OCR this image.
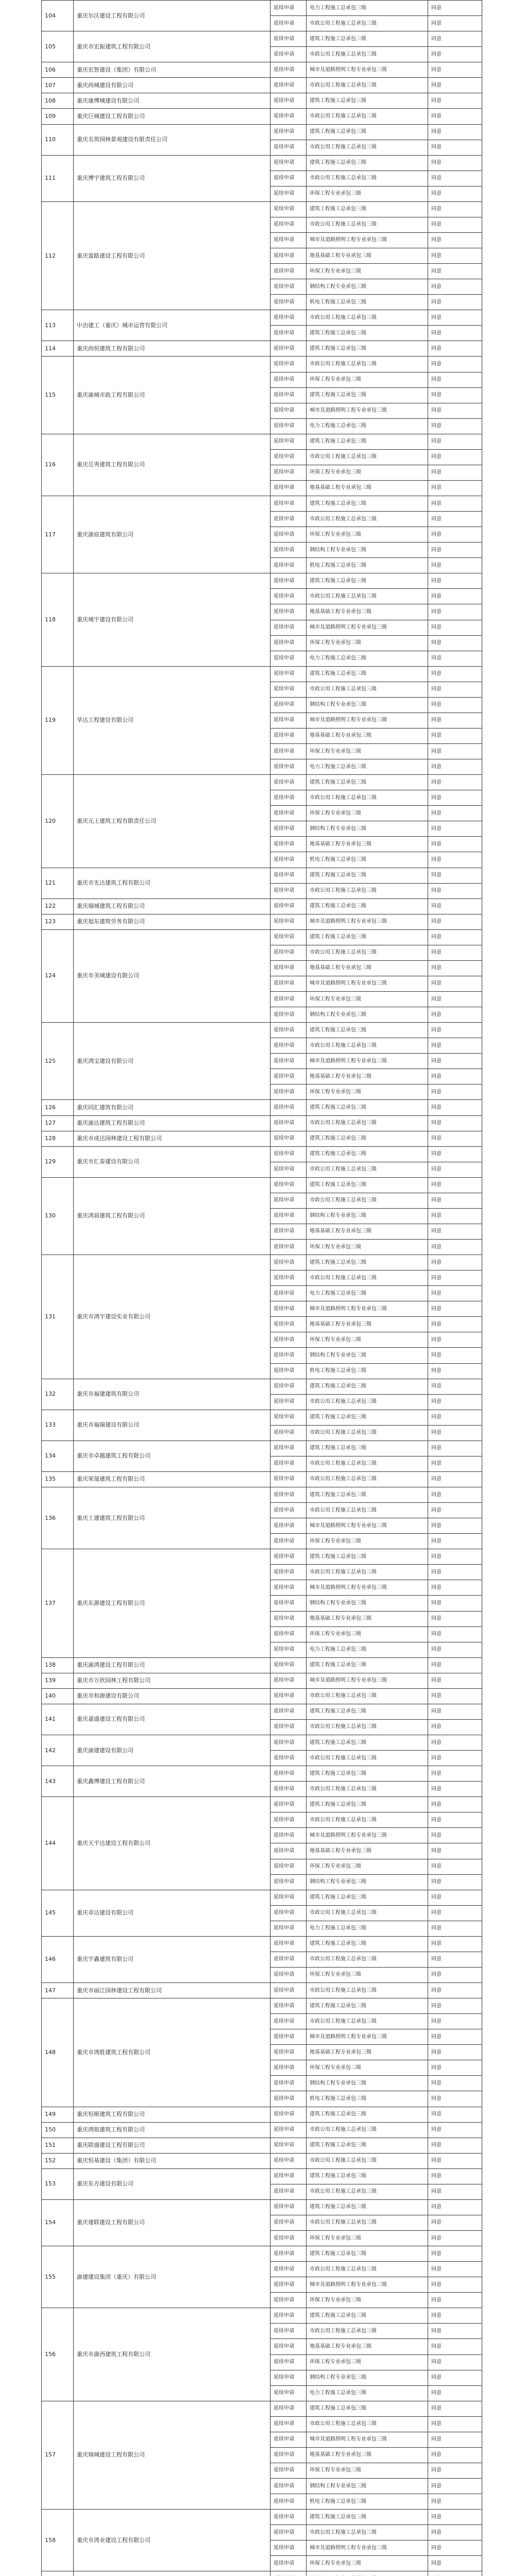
104	重庆尔沃建设工程有限公司	延续申请	电力工程施工总承包三级	同意
		延续申请	市政公用工程施工总承包三级	同意
105	重庆市宏振建筑工程有限公司	延续申请	建筑工程施工总承包三级	同意
		延续申请	市政公用工程施工总承包三级	同意
106	重庆宏智建设（集团）有限公司	延续申请	城市及道路照明工程专业承包三级	同意
107	重庆尚城建设有限公司	延续申请	市政公用工程施工总承包三级	同意
108	重庆康博城建设有限公司	延续申请	建筑工程施工总承包三级	同意
109	重庆巨城建设工程有限公司	延续申请	市政公用工程施工总承包三级	同意
110	重庆名筑园林景观建设有限责任公司	延续申请	建筑工程施工总承包三级	同意
		延续申请	市政公用工程施工总承包三级	同意
111	重庆博宇建筑工程有限公司	延续申请	建筑工程施工总承包三级	同意
		延续申请	市政公用工程施工总承包三级	同意
		延续申请	环保工程专业承包三级	同意
112	重庆盈路建设工程有限公司	延续申请	建筑工程施工总承包三级	同意
		延续申请	市政公用工程施工总承包三级	同意
		延续申请	城市及道路照明工程专业承包三级	同意
		延续申请	地基基础工程专业承包三级	同意
		延续申请	环保工程专业承包三级	同意
		延续申请	钢结构工程专业承包三级	同意
		延续申请	机电工程施工总承包三级	同意
113	中冶建工（重庆）城市运营有限公司	延续申请	市政公用工程施工总承包三级	同意
		延续申请	建筑工程施工总承包三级	同意
114	重庆尚恒建筑工程有限公司	延续申请	建筑工程施工总承包三级	同意
115	重庆渝城市政工程有限公司	延续申请	市政公用工程施工总承包三级	同意
		延续申请	环保工程专业承包三级	同意
		延续申请	建筑工程施工总承包三级	同意
		延续申请	城市及道路照明工程专业承包三级	同意
		延续申请	电力工程施工总承包三级	同意
116	重庆岳秀建筑工程有限公司	延续申请	建筑工程施工总承包三级	同意
		延续申请	市政公用工程施工总承包三级	同意
		延续申请	环保工程专业承包三级	同意
		延续申请	地基基础工程专业承包三级	同意
117	重庆渝宸建筑有限公司	延续申请	建筑工程施工总承包三级	同意
		延续申请	市政公用工程施工总承包三级	同意
		延续申请	环保工程专业承包三级	同意
		延续申请	钢结构工程专业承包三级	同意
		延续申请	机电工程施工总承包三级	同意
118	重庆城宇建设有限公司	延续申请	建筑工程施工总承包三级	同意
		延续申请	市政公用工程施工总承包三级	同意
		延续申请	地基基础工程专业承包三级	同意
		延续申请	城市及道路照明工程专业承包三级	同意
		延续申请	环保工程专业承包三级	同意
		延续申请	电力工程施工总承包三级	同意
119	华达工程建设有限公司	延续申请	建筑工程施工总承包三级	同意
		延续申请	市政公用工程施工总承包三级	同意
		延续申请	钢结构工程专业承包三级	同意
		延续申请	城市及道路照明工程专业承包三级	同意
		延续申请	地基基础工程专业承包三级	同意
		延续申请	环保工程专业承包三级	同意
		延续申请	电力工程施工总承包三级	同意
120	重庆元上建筑工程有限责任公司	延续申请	建筑工程施工总承包三级	同意
		延续申请	市政公用工程施工总承包三级	同意
		延续申请	环保工程专业承包三级	同意
		延续申请	钢结构工程专业承包三级	同意
		延续申请	地基基础工程专业承包三级	同意
		延续申请	机电工程施工总承包三级	同意
121	重庆市先达建筑工程有限公司	延续申请	建筑工程施工总承包三级	同意
		延续申请	市政公用工程施工总承包三级	同意
122	重庆瑞城建筑工程有限公司	延续申请	建筑工程施工总承包三级	同意
123	重庆旭东建筑劳务有限公司	延续申请	城市及道路照明工程专业承包三级	同意
124	重庆市美城建设有限公司	延续申请	建筑工程施工总承包三级	同意
		延续申请	市政公用工程施工总承包三级	同意
		延续申请	地基基础工程专业承包三级	同意
		延续申请	城市及道路照明工程专业承包三级	同意
		延续申请	环保工程专业承包三级	同意
		延续申请	钢结构工程专业承包三级	同意
125	重庆鸿宝建设有限公司	延续申请	建筑工程施工总承包三级	同意
		延续申请	市政公用工程施工总承包三级	同意
		延续申请	城市及道路照明工程专业承包三级	同意
		延续申请	地基基础工程专业承包三级	同意
		延续申请	环保工程专业承包三级	同意
126	重庆同汇建筑有限公司	延续申请	建筑工程施工总承包三级	同意
127	重庆渝达建筑工程有限公司	延续申请	市政公用工程施工总承包三级	同意
128	重庆市成达园林建设工程有限公司	延续申请	建筑工程施工总承包三级	同意
129	重庆市汇泰建设有限公司	延续申请	建筑工程施工总承包三级	同意
		延续申请	市政公用工程施工总承包三级	同意
130	重庆鸿晨建筑工程有限公司	延续申请	建筑工程施工总承包三级	同意
		延续申请	市政公用工程施工总承包三级	同意
		延续申请	钢结构工程专业承包三级	同意
		延续申请	地基基础工程专业承包三级	同意
		延续申请	环保工程专业承包三级	同意
131	重庆市鸿宇建设实业有限公司	延续申请	建筑工程施工总承包三级	同意
		延续申请	市政公用工程施工总承包三级	同意
		延续申请	电力工程施工总承包三级	同意
		延续申请	城市及道路照明工程专业承包三级	同意
		延续申请	地基基础工程专业承包三级	同意
		延续申请	环保工程专业承包三级	同意
		延续申请	钢结构工程专业承包三级	同意
		延续申请	机电工程施工总承包三级	同意
132	重庆市福建建筑有限公司	延续申请	建筑工程施工总承包三级	同意
		延续申请	市政公用工程施工总承包三级	同意
133	重庆市福瑞建设有限公司	延续申请	建筑工程施工总承包三级	同意
		延续申请	市政公用工程施工总承包三级	同意
134	重庆市卓越建筑工程有限公司	延续申请	建筑工程施工总承包三级	同意
		延续申请	市政公用工程施工总承包三级	同意
135	重庆荣晟建筑工程有限公司	延续申请	市政公用工程施工总承包三级	同意
136	重庆工建建筑工程有限公司	延续申请	建筑工程施工总承包三级	同意
		延续申请	市政公用工程施工总承包三级	同意
		延续申请	城市及道路照明工程专业承包三级	同意
		延续申请	环保工程专业承包三级	同意
137	重庆东源建设工程有限公司	延续申请	建筑工程施工总承包三级	同意
		延续申请	市政公用工程施工总承包三级	同意
		延续申请	城市及道路照明工程专业承包三级	同意
		延续申请	钢结构工程专业承包三级	同意
		延续申请	地基基础工程专业承包三级	同意
		延续申请	环保工程专业承包三级	同意
		延续申请	电力工程施工总承包三级	同意
138	重庆渝鸿建设工程有限公司	延续申请	建筑工程施工总承包三级	同意
139	重庆市万欣园林工程有限公司	延续申请	城市及道路照明工程专业承包三级	同意
140	重庆市和源建设有限公司	延续申请	市政公用工程施工总承包三级	同意
141	重庆嘉盛建设工程有限公司	延续申请	建筑工程施工总承包三级	同意
		延续申请	市政公用工程施工总承包三级	同意
142	重庆渝建建设有限公司	延续申请	建筑工程施工总承包三级	同意
		延续申请	市政公用工程施工总承包三级	同意
143	重庆鑫博建设工程有限公司	延续申请	建筑工程施工总承包三级	同意
		延续申请	市政公用工程施工总承包三级	同意
144	重庆天宇达建设工程有限公司	延续申请	建筑工程施工总承包三级	同意
		延续申请	市政公用工程施工总承包三级	同意
		延续申请	城市及道路照明工程专业承包三级	同意
		延续申请	地基基础工程专业承包三级	同意
		延续申请	环保工程专业承包三级	同意
		延续申请	钢结构工程专业承包三级	同意
145	重庆卓达建设有限公司	延续申请	建筑工程施工总承包三级	同意
		延续申请	市政公用工程施工总承包三级	同意
		延续申请	电力工程施工总承包三级	同意
146	重庆宇鑫建筑有限公司	延续申请	建筑工程施工总承包三级	同意
		延续申请	市政公用工程施工总承包三级	同意
		延续申请	环保工程专业承包三级	同意
147	重庆市丽江园林建设工程有限公司	延续申请	市政公用工程施工总承包三级	同意
148	重庆市鸿胜建筑工程有限公司	延续申请	建筑工程施工总承包三级	同意
		延续申请	市政公用工程施工总承包三级	同意
		延续申请	城市及道路照明工程专业承包三级	同意
		延续申请	地基基础工程专业承包三级	同意
		延续申请	环保工程专业承包三级	同意
		延续申请	钢结构工程专业承包三级	同意
		延续申请	机电工程施工总承包三级	同意
149	重庆恒顺建筑工程有限公司	延续申请	建筑工程施工总承包三级	同意
150	重庆鸿铭建筑工程有限公司	延续申请	市政公用工程施工总承包三级	同意
151	重庆联盛建设工程有限公司	延续申请	建筑工程施工总承包三级	同意
152	重庆恒基建设（集团）有限公司	延续申请	市政公用工程施工总承包三级	同意
153	重庆东方建设有限公司	延续申请	建筑工程施工总承包三级	同意
		延续申请	市政公用工程施工总承包三级	同意
154	重庆建联建设工程有限公司	延续申请	建筑工程施工总承包三级	同意
		延续申请	市政公用工程施工总承包三级	同意
		延续申请	环保工程专业承包三级	同意
155	渝建建设集团（重庆）有限公司	延续申请	建筑工程施工总承包三级	同意
		延续申请	市政公用工程施工总承包三级	同意
		延续申请	城市及道路照明工程专业承包三级	同意
		延续申请	环保工程专业承包三级	同意
156	重庆市渝西建筑工程有限公司	延续申请	建筑工程施工总承包三级	同意
		延续申请	市政公用工程施工总承包三级	同意
		延续申请	地基基础工程专业承包三级	同意
		延续申请	环保工程专业承包三级	同意
		延续申请	钢结构工程专业承包三级	同意
		延续申请	电力工程施工总承包三级	同意
157	重庆锦城建设工程有限公司	延续申请	建筑工程施工总承包三级	同意
		延续申请	市政公用工程施工总承包三级	同意
		延续申请	城市及道路照明工程专业承包三级	同意
		延续申请	地基基础工程专业承包三级	同意
		延续申请	环保工程专业承包三级	同意
		延续申请	钢结构工程专业承包三级	同意
		延续申请	机电工程施工总承包三级	同意
158	重庆市鸿业建设工程有限公司	延续申请	建筑工程施工总承包三级	同意
		延续申请	市政公用工程施工总承包三级	同意
		延续申请	城市及道路照明工程专业承包三级	同意
		延续申请	环保工程专业承包三级	同意
